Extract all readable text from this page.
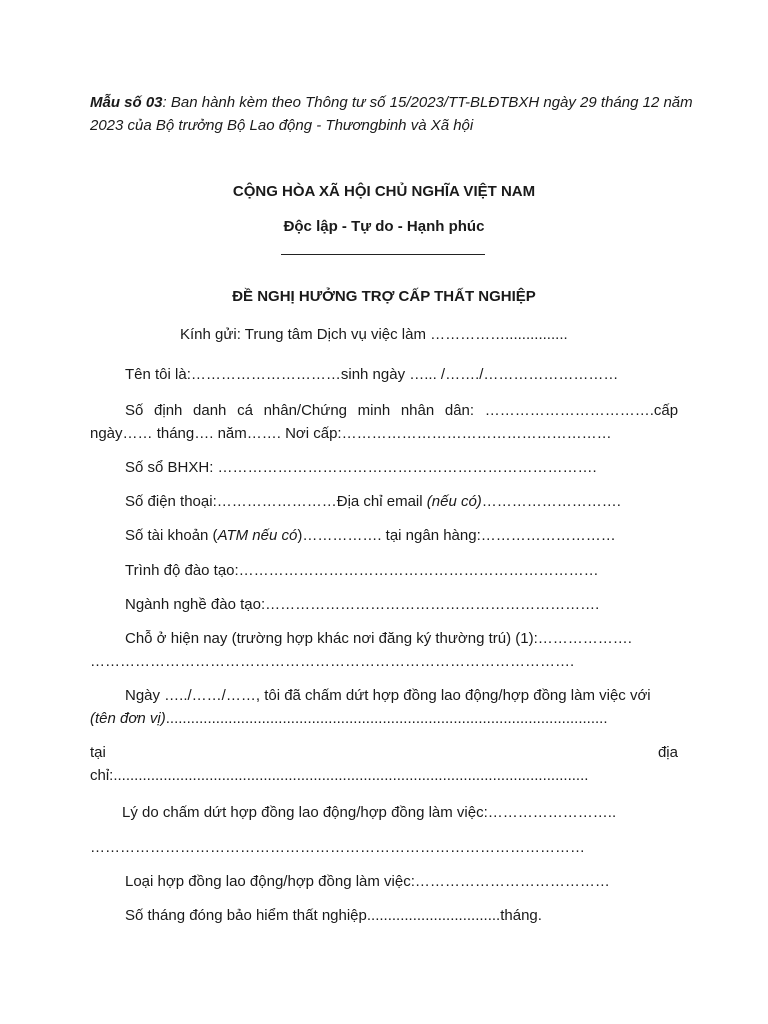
Mẫu số 03: Ban hành kèm theo Thông tư số 15/2023/TT-BLĐTBXH ngày 29 tháng 12 năm
2023 của Bộ trưởng Bộ Lao động - Thươngbinh và Xã hội
CỘNG HÒA XÃ HỘI CHỦ NGHĨA VIỆT NAM
Độc lập - Tự do - Hạnh phúc
ĐỀ NGHỊ HƯỞNG TRỢ CẤP THẤT NGHIỆP
Kính gửi: Trung tâm Dịch vụ việc làm ……………...............
Tên tôi là:…………………………sinh ngày …... /……./………………………
Số định danh cá nhân/Chứng minh nhân dân: …………………………….cấp
ngày…… tháng…. năm……. Nơi cấp:………………………………………………
Số sổ BHXH: ………………………………………………………………….
Số điện thoại:……………………Địa chỉ email (nếu có)……………………….
Số tài khoản (ATM nếu có)……………. tại ngân hàng:………………………
Trình độ đào tạo:………………………………………………………………
Ngành nghề đào tạo:………………………………………………………….
Chỗ ở hiện nay (trường hợp khác nơi đăng ký thường trú) (1):……………….
…………………………………………………………………………………….
Ngày …../……/……, tôi đã chấm dứt hợp đồng lao động/hợp đồng làm việc với
(tên đơn vị)..........................................................................................................
tại	địa
chỉ:..................................................................................................................
Lý do chấm dứt hợp đồng lao động/hợp đồng làm việc:……………………..
………………………………………………………………………………………
Loại hợp đồng lao động/hợp đồng làm việc:…………………………………
Số tháng đóng bảo hiểm thất nghiệp................................tháng.
